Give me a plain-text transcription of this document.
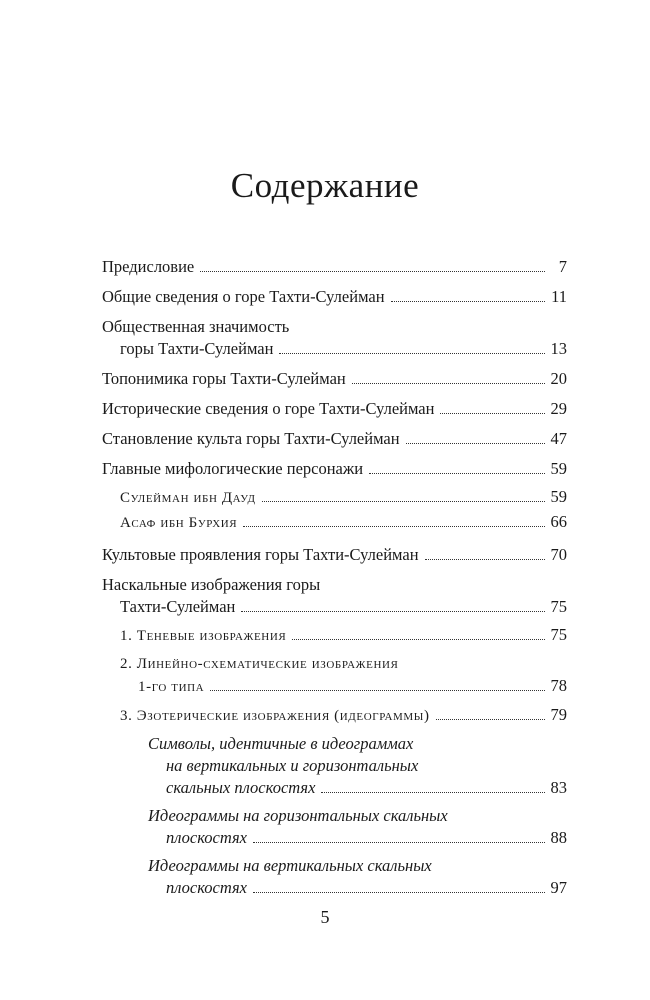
Содержание
Предисловие	7
Общие сведения о горе Тахти-Сулейман	11
Общественная значимость
горы Тахти-Сулейман	13
Топонимика горы Тахти-Сулейман	20
Исторические сведения о горе Тахти-Сулейман	29
Становление культа горы Тахти-Сулейман	47
Главные мифологические персонажи	59
Сулейман ибн Дауд	59
Асаф ибн Бурхия	66
Культовые проявления горы Тахти-Сулейман	70
Наскальные изображения горы
Тахти-Сулейман	75
1. Теневые изображения	75
2. Линейно-схематические изображения
1-го типа	78
3. Эзотерические изображения (идеограммы)	79
Символы, идентичные в идеограммах
на вертикальных и горизонтальных
скальных плоскостях	83
Идеограммы на горизонтальных скальных
плоскостях	88
Идеограммы на вертикальных скальных
плоскостях	97
5
